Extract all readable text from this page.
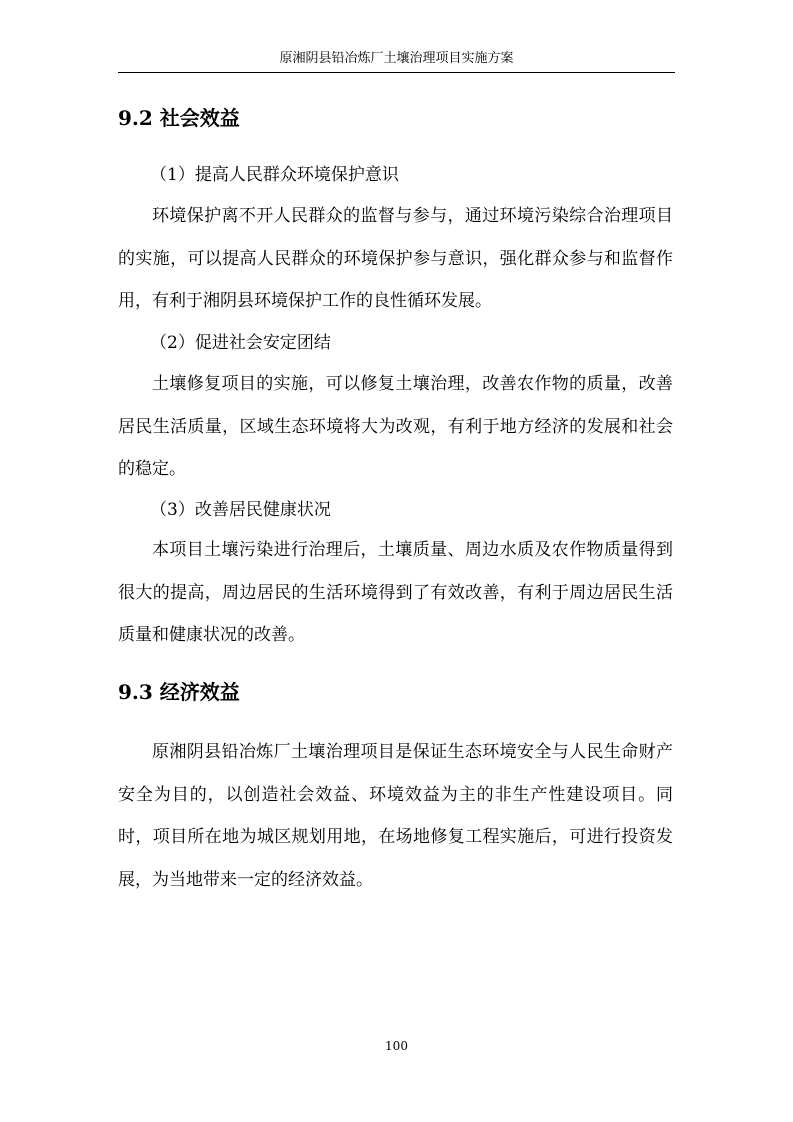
原湘阴县铅冶炼厂土壤治理项目实施方案
9.2 社会效益
（1）提高人民群众环境保护意识
环境保护离不开人民群众的监督与参与，通过环境污染综合治理项目的实施，可以提高人民群众的环境保护参与意识，强化群众参与和监督作用，有利于湘阴县环境保护工作的良性循环发展。
（2）促进社会安定团结
土壤修复项目的实施，可以修复土壤治理，改善农作物的质量，改善居民生活质量，区域生态环境将大为改观，有利于地方经济的发展和社会的稳定。
（3）改善居民健康状况
本项目土壤污染进行治理后，土壤质量、周边水质及农作物质量得到很大的提高，周边居民的生活环境得到了有效改善，有利于周边居民生活质量和健康状况的改善。
9.3 经济效益
原湘阴县铅冶炼厂土壤治理项目是保证生态环境安全与人民生命财产安全为目的，以创造社会效益、环境效益为主的非生产性建设项目。同时，项目所在地为城区规划用地，在场地修复工程实施后，可进行投资发展，为当地带来一定的经济效益。
100
